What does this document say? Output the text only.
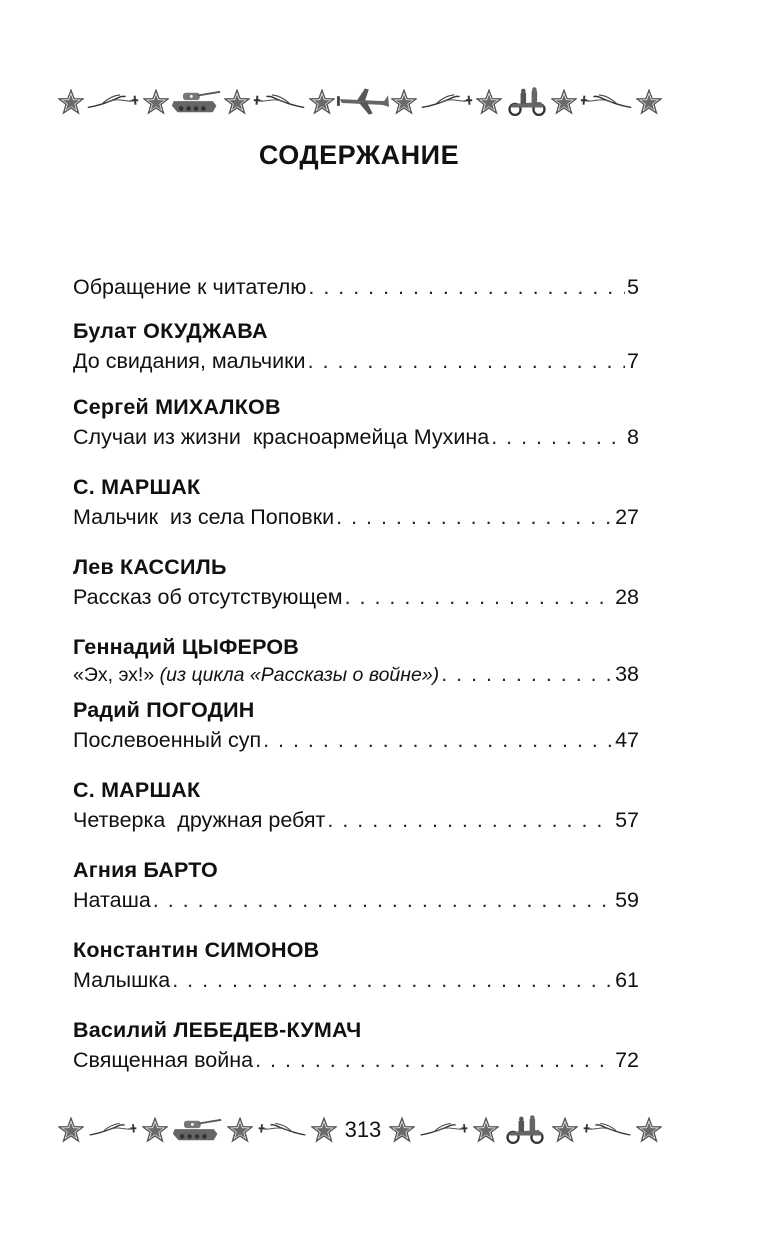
СОДЕРЖАНИЕ
Обращение к читателю . . .	5
Булат ОКУДЖАВА
До свидания, мальчики . . .	7
Сергей МИХАЛКОВ
Случаи из жизни  красноармейца Мухина . . .	8
С. МАРШАК
Мальчик  из села Поповки . . .	27
Лев КАССИЛЬ
Рассказ об отсутствующем . . .	28
Геннадий ЦЫФЕРОВ
«Эх, эх!» (из цикла «Рассказы о войне») . . .	38
Радий ПОГОДИН
Послевоенный суп . . .	47
С. МАРШАК
Четверка  дружная ребят . . .	57
Агния БАРТО
Наташа . . .	59
Константин СИМОНОВ
Малышка . . .	61
Василий ЛЕБЕДЕВ-КУМАЧ
Священная война . . .	72
313
